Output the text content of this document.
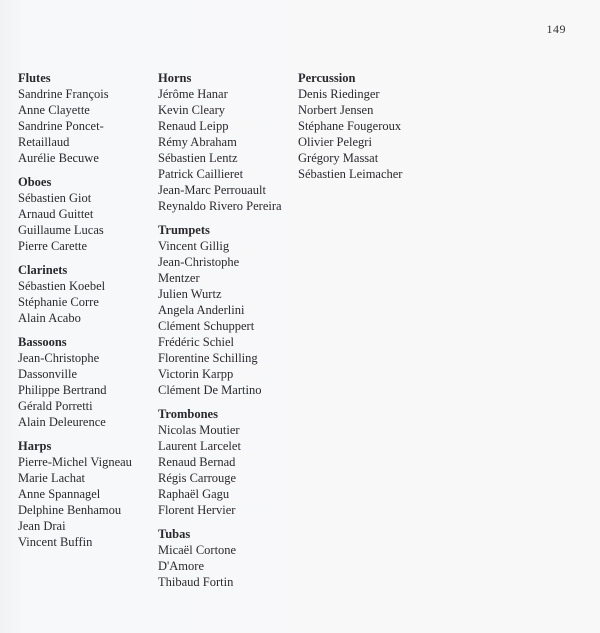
149
Flutes
Sandrine François
Anne Clayette
Sandrine Poncet-
Retaillaud
Aurélie Becuwe
Oboes
Sébastien Giot
Arnaud Guittet
Guillaume Lucas
Pierre Carette
Clarinets
Sébastien Koebel
Stéphanie Corre
Alain Acabo
Bassoons
Jean-Christophe
Dassonville
Philippe Bertrand
Gérald Porretti
Alain Deleurence
Harps
Pierre-Michel Vigneau
Marie Lachat
Anne Spannagel
Delphine Benhamou
Jean Drai
Vincent Buffin
Horns
Jérôme Hanar
Kevin Cleary
Renaud Leipp
Rémy Abraham
Sébastien Lentz
Patrick Caillieret
Jean-Marc Perrouault
Reynaldo Rivero Pereira
Trumpets
Vincent Gillig
Jean-Christophe
Mentzer
Julien Wurtz
Angela Anderlini
Clément Schuppert
Frédéric Schiel
Florentine Schilling
Victorin Karpp
Clément De Martino
Trombones
Nicolas Moutier
Laurent Larcelet
Renaud Bernad
Régis Carrouge
Raphaël Gagu
Florent Hervier
Tubas
Micaël Cortone
D'Amore
Thibaud Fortin
Percussion
Denis Riedinger
Norbert Jensen
Stéphane Fougeroux
Olivier Pelegri
Grégory Massat
Sébastien Leimacher
